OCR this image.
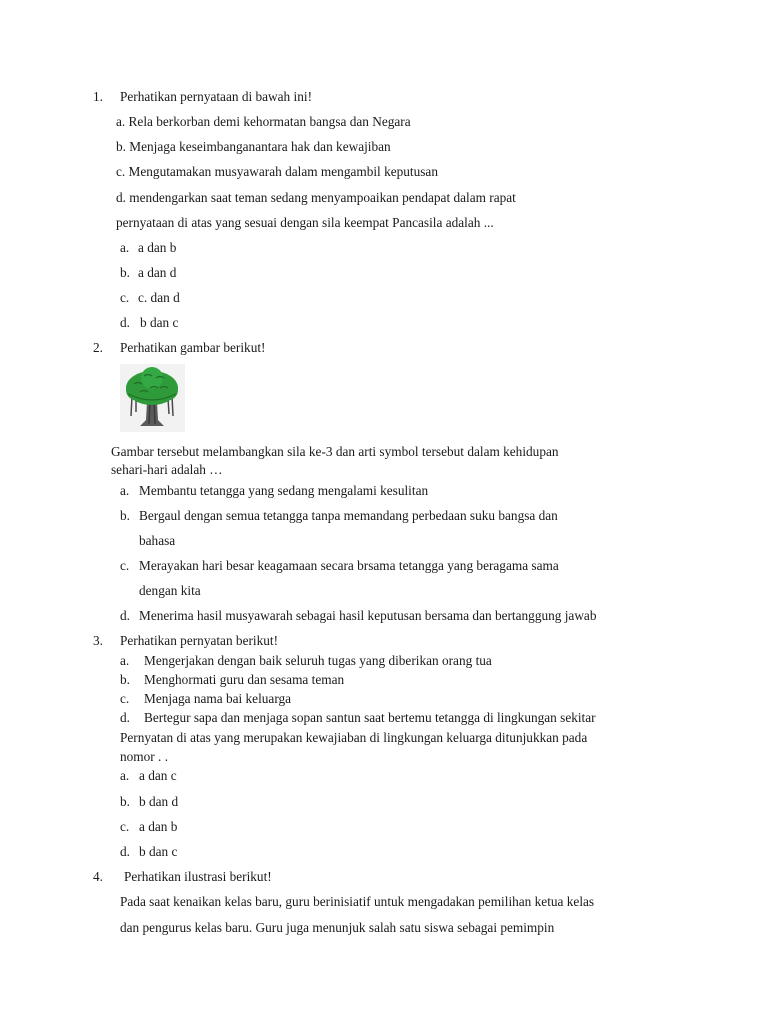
1. Perhatikan pernyataan di bawah ini!
a. Rela berkorban demi kehormatan bangsa dan Negara
b. Menjaga keseimbanganantara hak dan kewajiban
c. Mengutamakan musyawarah dalam mengambil keputusan
d. mendengarkan saat teman sedang menyampoaikan pendapat dalam rapat
pernyataan di atas yang sesuai dengan sila keempat Pancasila adalah ...
a. a dan b
b. a dan d
c. c. dan d
d. b dan c
2. Perhatikan gambar berikut!
Gambar tersebut melambangkan sila ke-3 dan arti symbol tersebut dalam kehidupan
sehari-hari adalah …
a. Membantu tetangga yang sedang mengalami kesulitan
b. Bergaul dengan semua tetangga tanpa memandang perbedaan suku bangsa dan
bahasa
c. Merayakan hari besar keagamaan secara brsama tetangga yang beragama sama
dengan kita
d. Menerima hasil musyawarah sebagai hasil keputusan bersama dan bertanggung jawab
3. Perhatikan pernyatan berikut!
a. Mengerjakan dengan baik seluruh tugas yang diberikan orang tua
b. Menghormati guru dan sesama teman
c. Menjaga nama bai keluarga
d. Bertegur sapa dan menjaga sopan santun saat bertemu tetangga di lingkungan sekitar
Pernyatan di atas yang merupakan kewajiaban di lingkungan keluarga ditunjukkan pada
nomor . .
a. a dan c
b. b dan d
c. a dan b
d. b dan c
4. Perhatikan ilustrasi berikut!
Pada saat kenaikan kelas baru, guru berinisiatif untuk mengadakan pemilihan ketua kelas
dan pengurus kelas baru. Guru juga menunjuk salah satu siswa sebagai pemimpin
